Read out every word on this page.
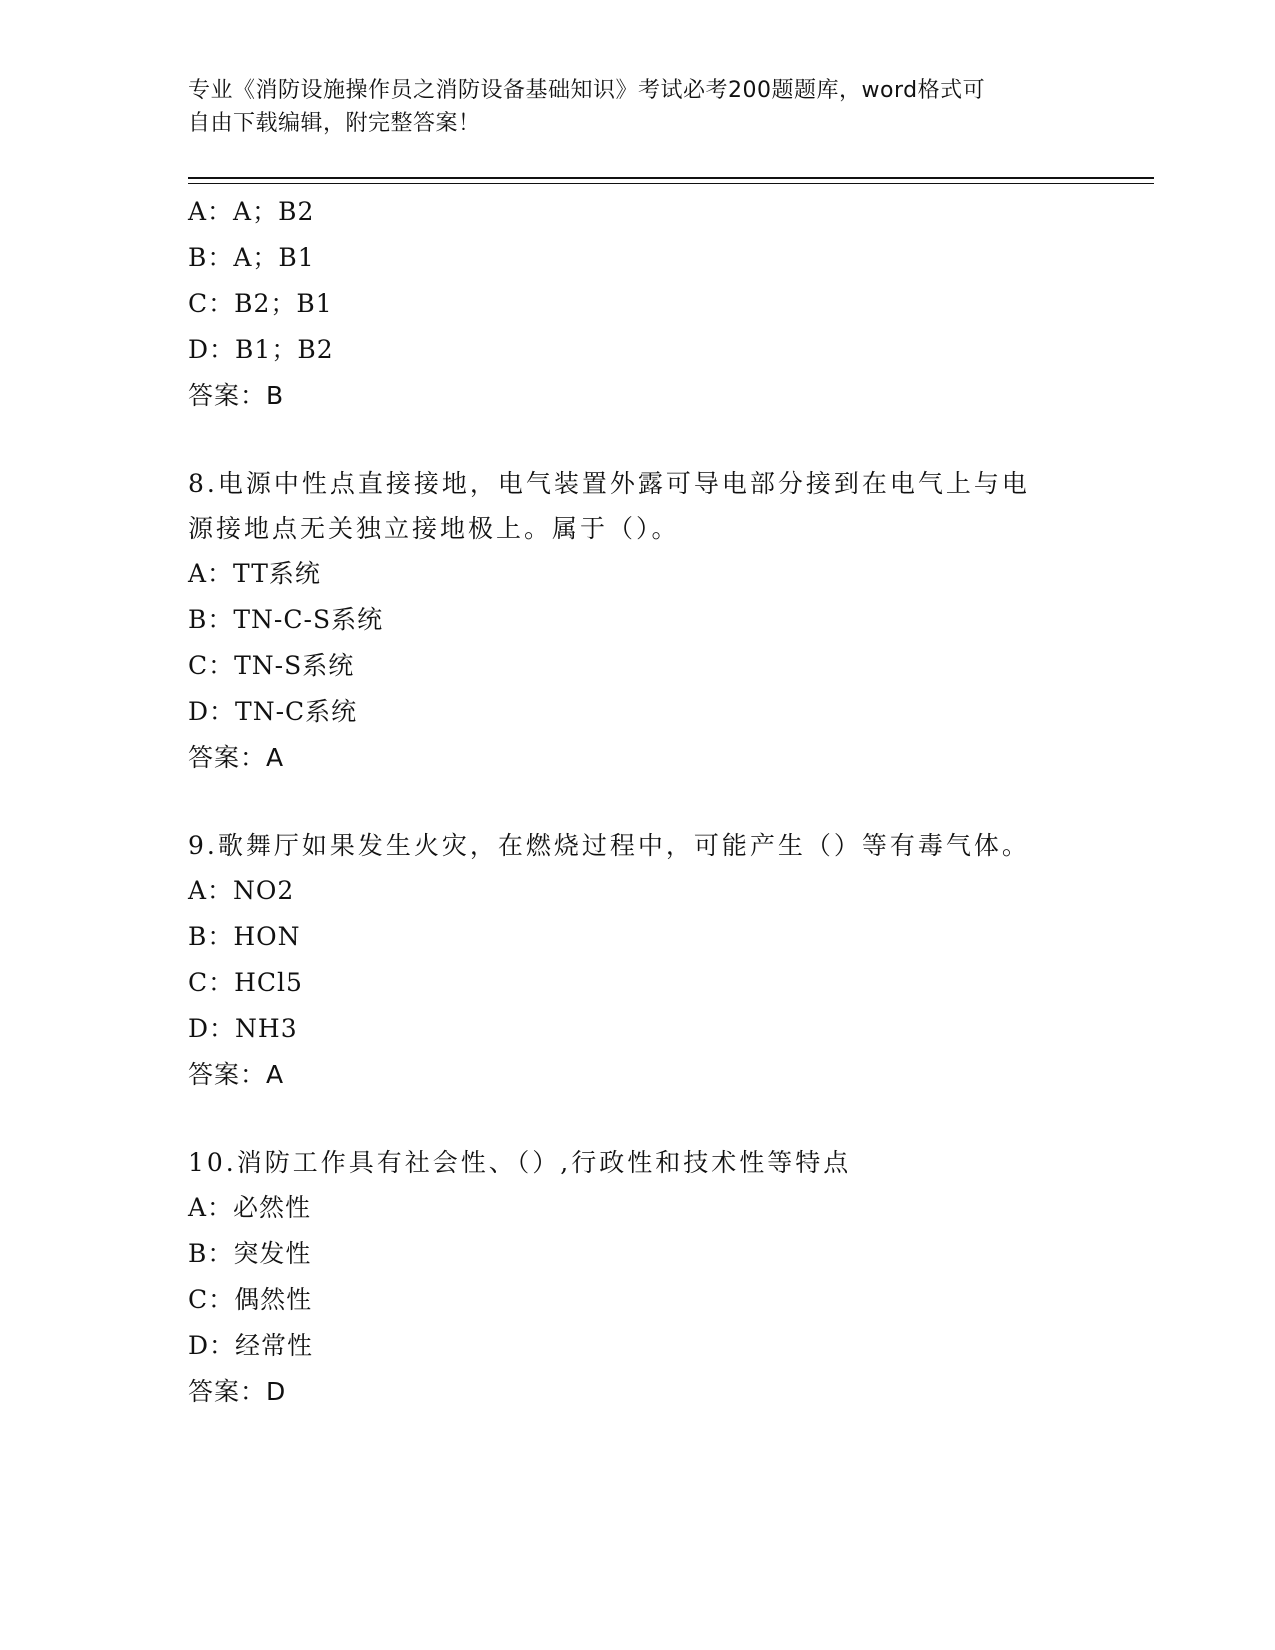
专业《消防设施操作员之消防设备基础知识》考试必考200题题库，word格式可
自由下载编辑，附完整答案！
A：A；B2
B：A；B1
C：B2；B1
D：B1；B2
答案：B
8.电源中性点直接接地，电气装置外露可导电部分接到在电气上与电
源接地点无关独立接地极上。属于（）。
A：TT系统
B：TN-C-S系统
C：TN-S系统
D：TN-C系统
答案：A
9.歌舞厅如果发生火灾，在燃烧过程中，可能产生（）等有毒气体。
A：NO2
B：HON
C：HCl5
D：NH3
答案：A
10.消防工作具有社会性、（）,行政性和技术性等特点
A：必然性
B：突发性
C：偶然性
D：经常性
答案：D
